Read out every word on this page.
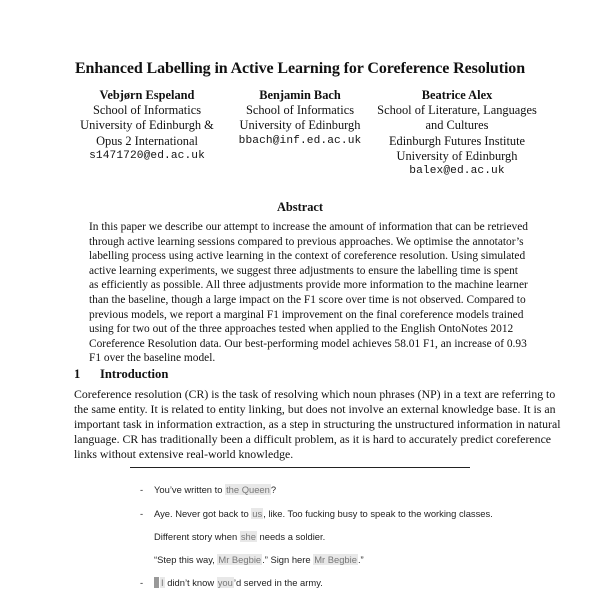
Enhanced Labelling in Active Learning for Coreference Resolution
Vebjørn Espeland
School of Informatics
University of Edinburgh &
Opus 2 International
s1471720@ed.ac.uk
Benjamin Bach
School of Informatics
University of Edinburgh
bbach@inf.ed.ac.uk
Beatrice Alex
School of Literature, Languages
and Cultures
Edinburgh Futures Institute
University of Edinburgh
balex@ed.ac.uk
Abstract
In this paper we describe our attempt to increase the amount of information that can be retrieved
through active learning sessions compared to previous approaches. We optimise the annotator’s
labelling process using active learning in the context of coreference resolution. Using simulated
active learning experiments, we suggest three adjustments to ensure the labelling time is spent
as efficiently as possible. All three adjustments provide more information to the machine learner
than the baseline, though a large impact on the F1 score over time is not observed. Compared to
previous models, we report a marginal F1 improvement on the final coreference models trained
using for two out of the three approaches tested when applied to the English OntoNotes 2012
Coreference Resolution data. Our best-performing model achieves 58.01 F1, an increase of 0.93
F1 over the baseline model.
1 Introduction
Coreference resolution (CR) is the task of resolving which noun phrases (NP) in a text are referring to
the same entity. It is related to entity linking, but does not involve an external knowledge base. It is an
important task in information extraction, as a step in structuring the unstructured information in natural
language. CR has traditionally been a difficult problem, as it is hard to accurately predict coreference
links without extensive real-world knowledge.
- You’ve written to the Queen?
- Aye. Never got back to us, like. Too fucking busy to speak to the working classes.
Different story when she needs a soldier.
“Step this way, Mr Begbie.” Sign here Mr Begbie.”
-	I didn’t know you’d served in the army.
